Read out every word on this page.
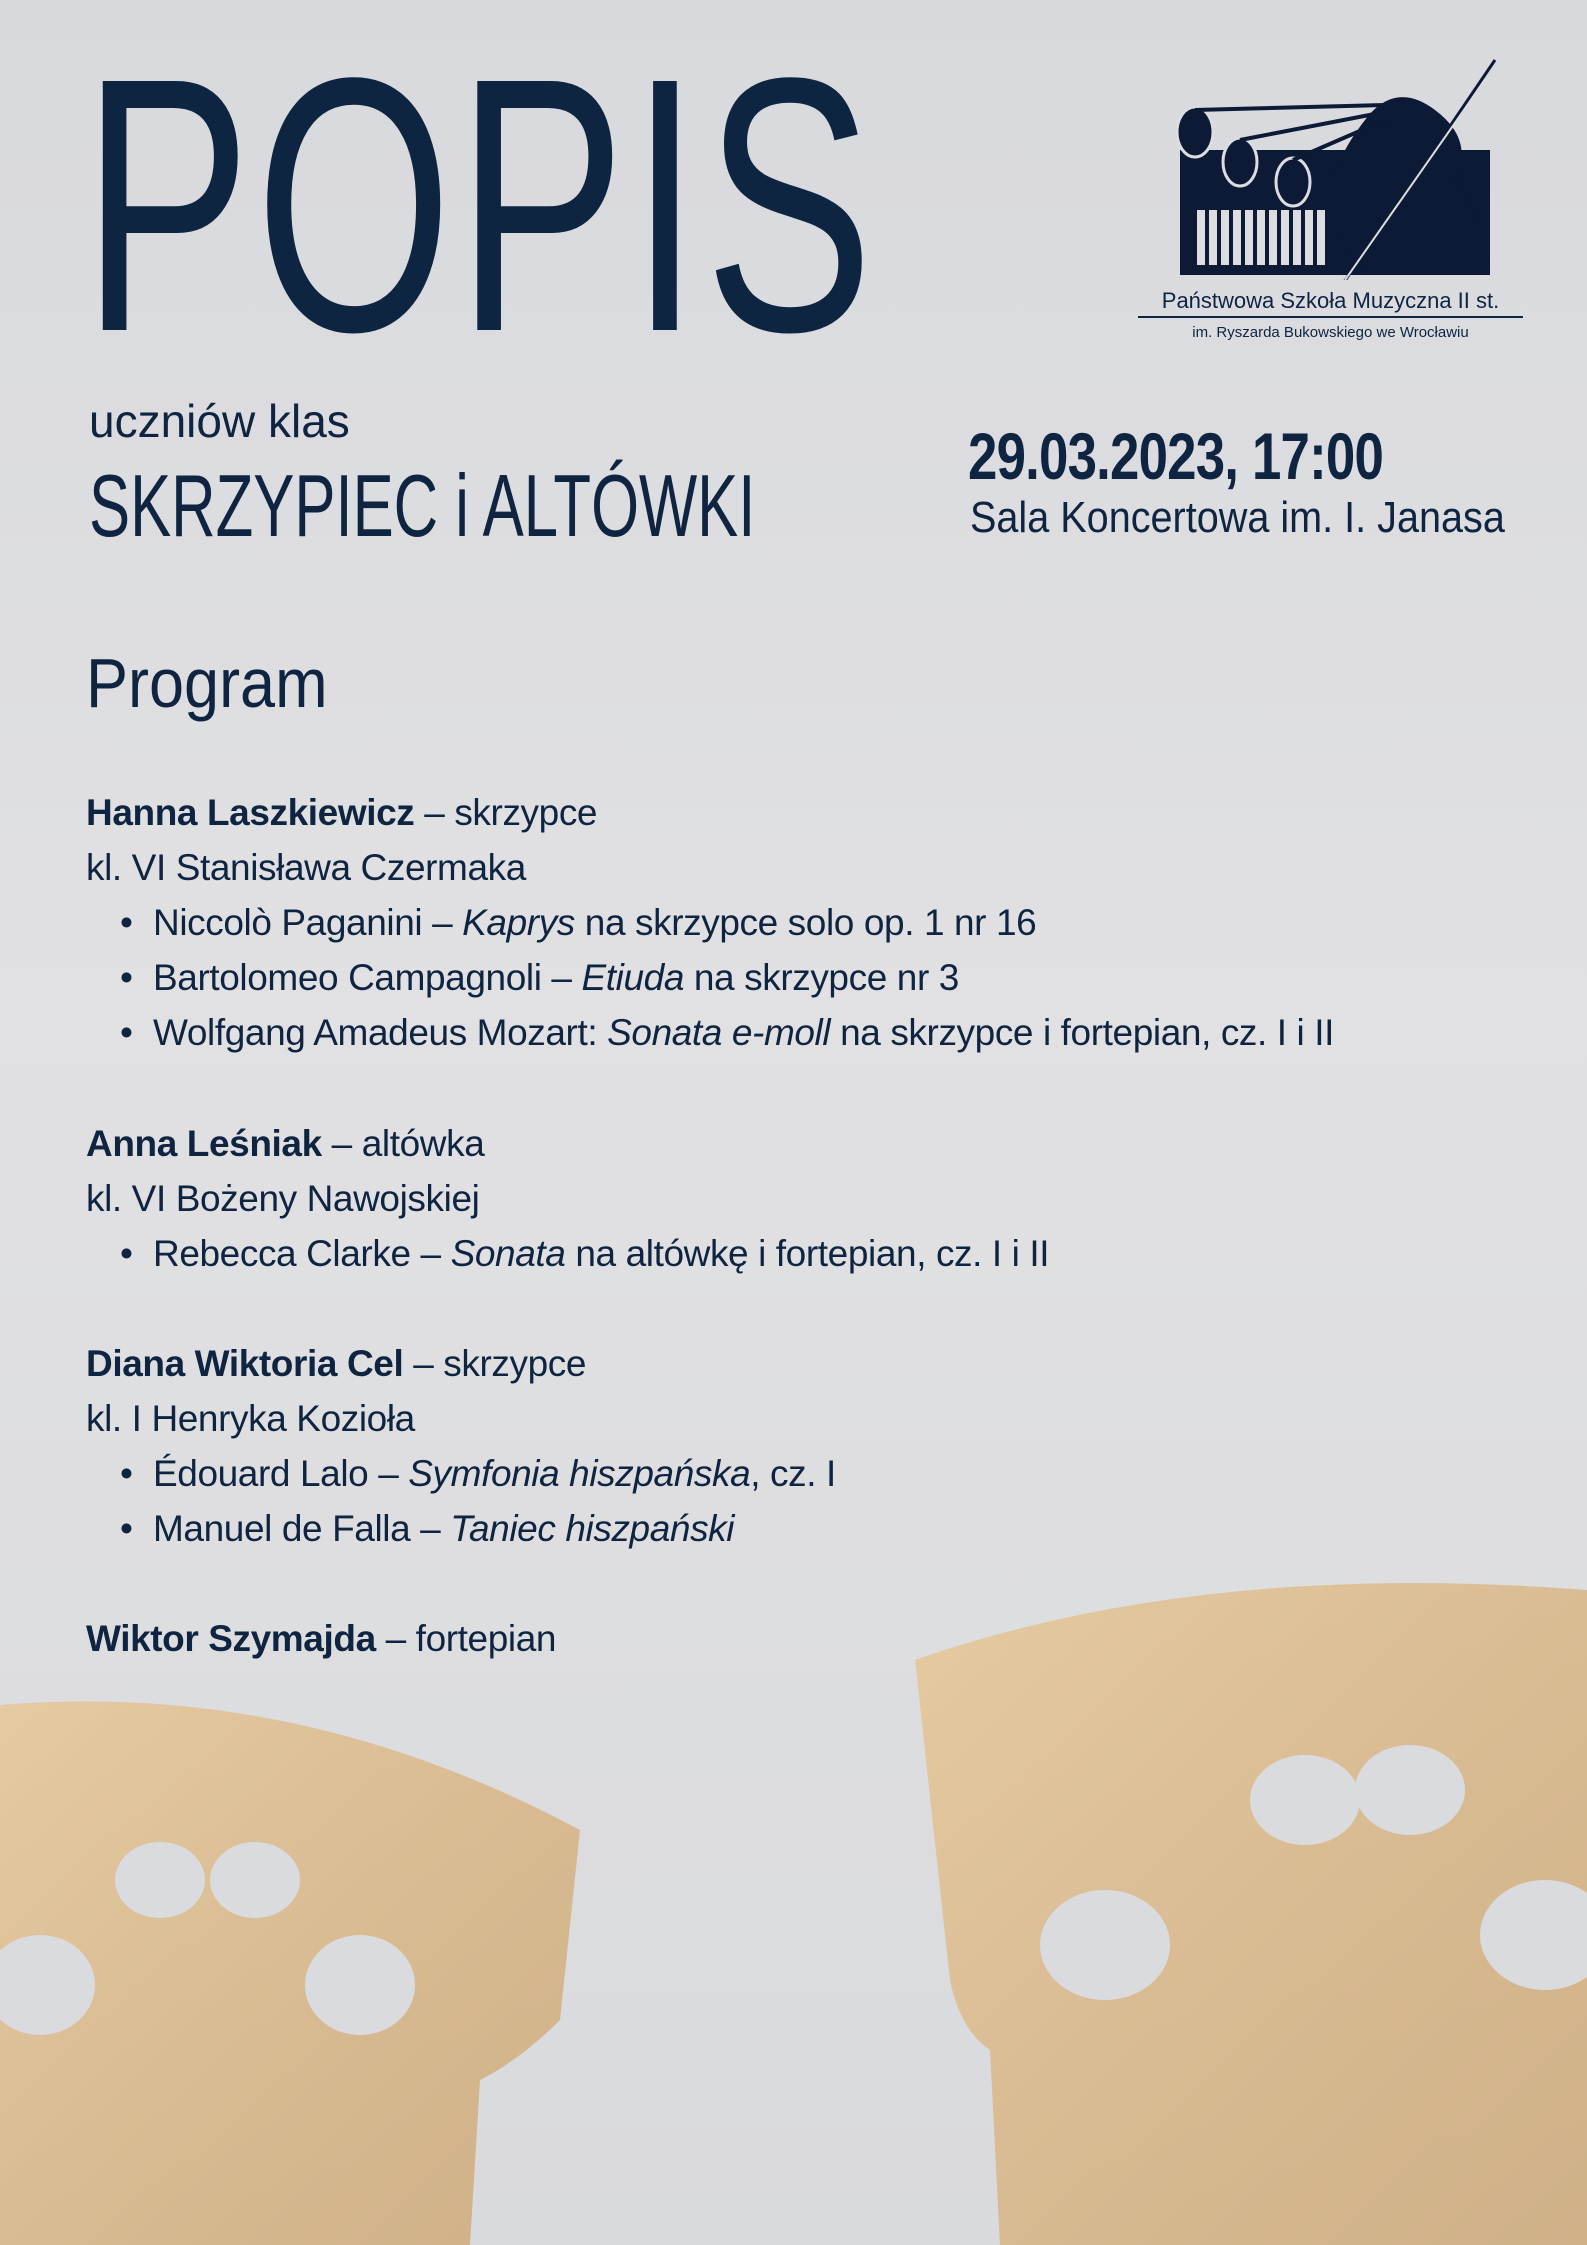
POPIS
uczniów klas
SKRZYPIEC i ALTÓWKI	29.03.2023, 17:00
Sala Koncertowa im. I. Janasa
Państwowa Szkoła Muzyczna II st.
im. Ryszarda Bukowskiego we Wrocławiu
Program
Hanna Laszkiewicz – skrzypce
kl. VI Stanisława Czermaka
• Niccolò Paganini – Kaprys na skrzypce solo op. 1 nr 16
• Bartolomeo Campagnoli – Etiuda na skrzypce nr 3
• Wolfgang Amadeus Mozart: Sonata e-moll na skrzypce i fortepian, cz. I i II
Anna Leśniak – altówka
kl. VI Bożeny Nawojskiej
• Rebecca Clarke – Sonata na altówkę i fortepian, cz. I i II
Diana Wiktoria Cel – skrzypce
kl. I Henryka Kozioła
• Édouard Lalo – Symfonia hiszpańska, cz. I
• Manuel de Falla – Taniec hiszpański
Wiktor Szymajda – fortepian
